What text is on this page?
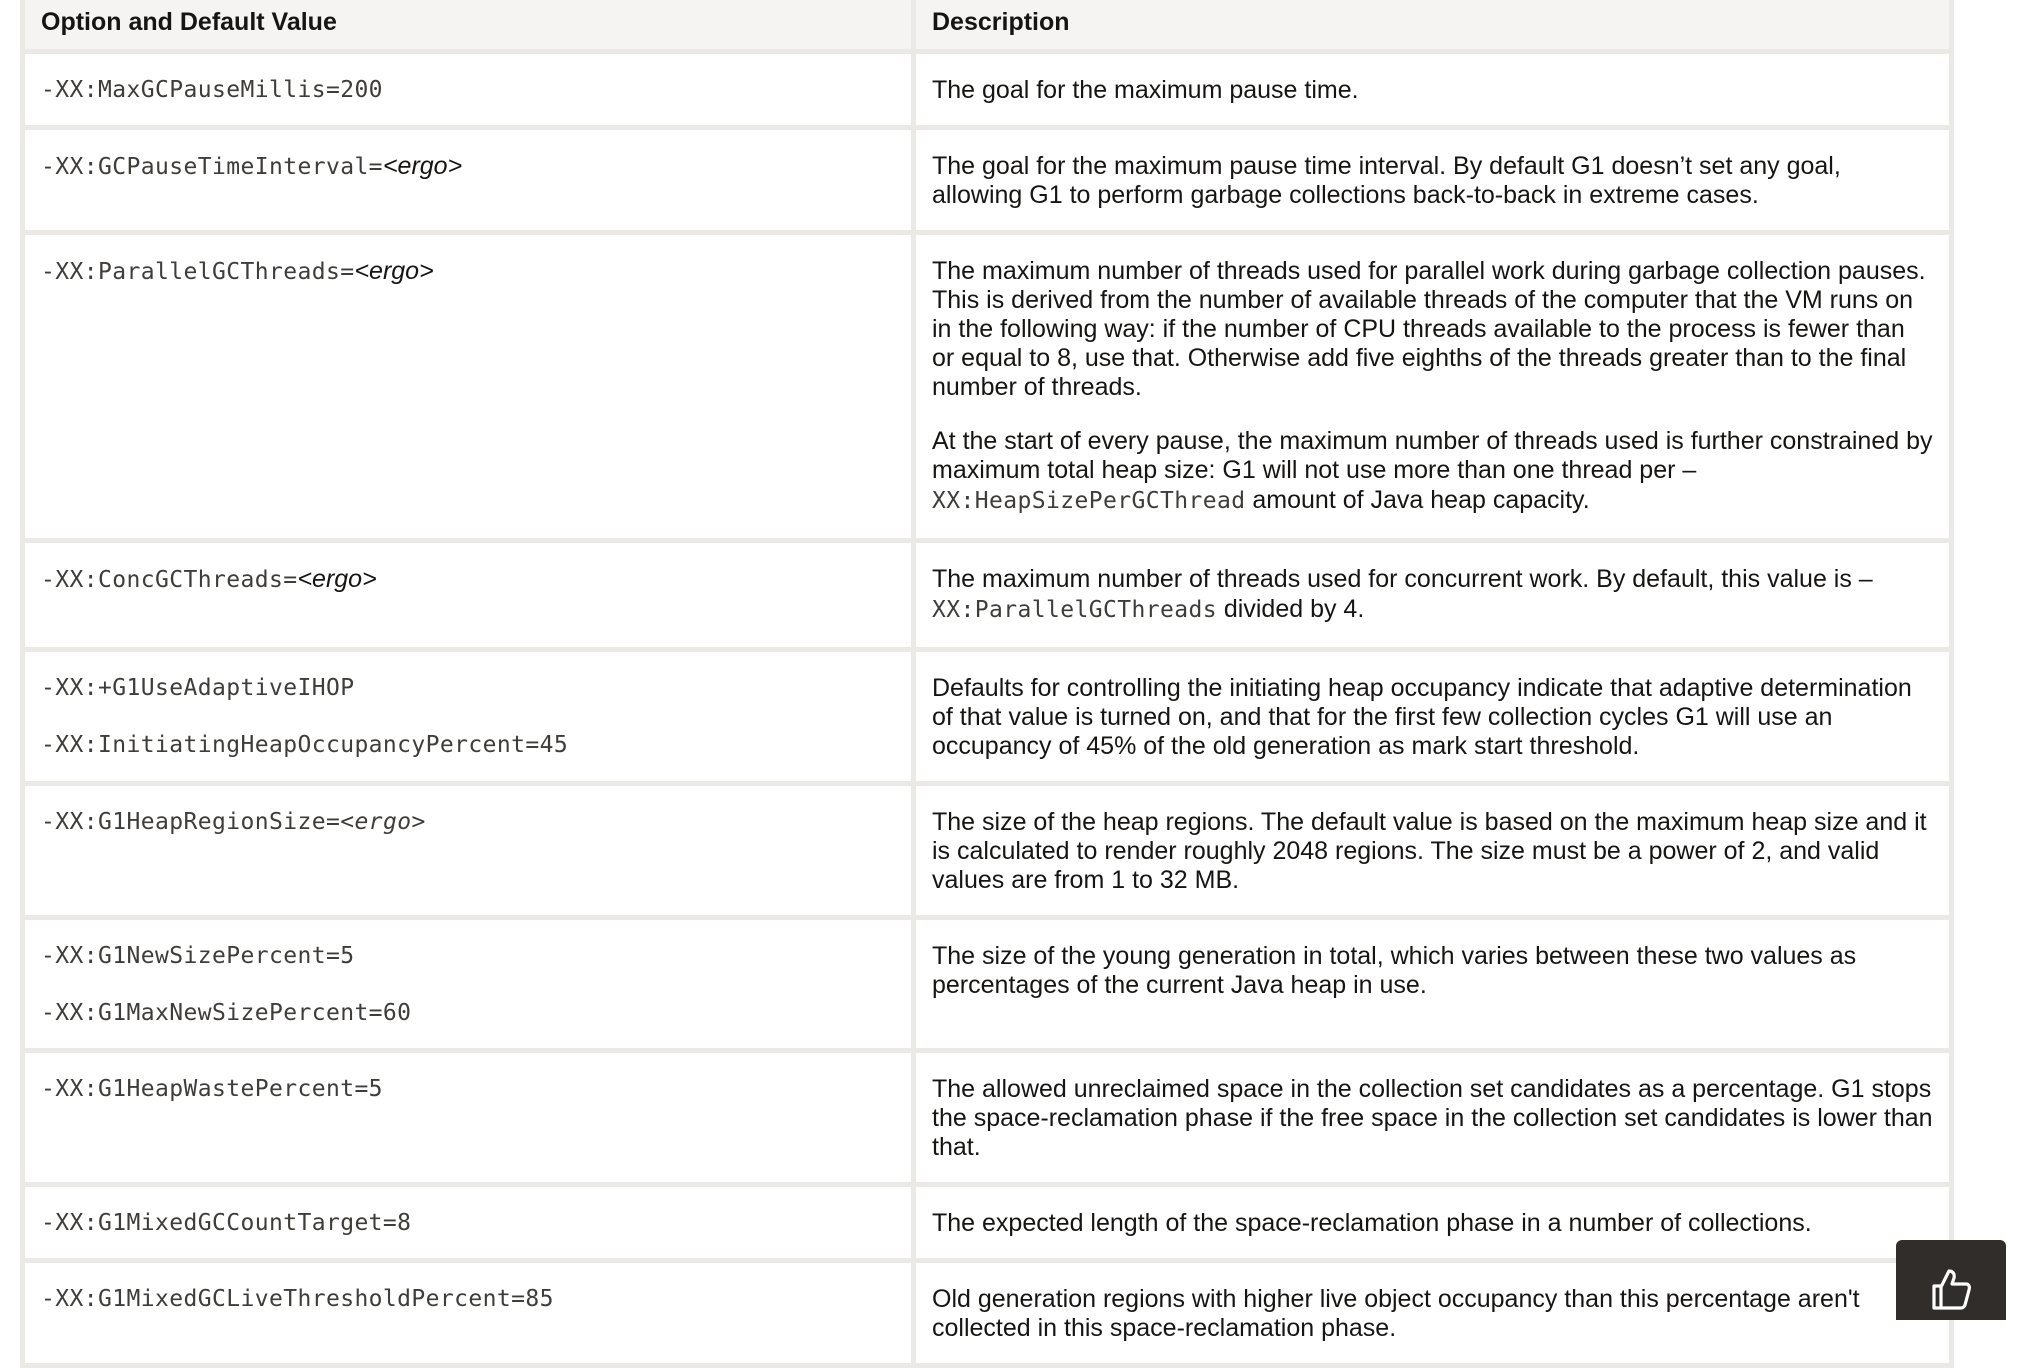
Option and Default Value	Description

-XX:MaxGCPauseMillis=200	The goal for the maximum pause time.

-XX:GCPauseTimeInterval=<ergo>	The goal for the maximum pause time interval. By default G1 doesn’t set any goal, allowing G1 to perform garbage collections back-to-back in extreme cases.

-XX:ParallelGCThreads=<ergo>	The maximum number of threads used for parallel work during garbage collection pauses. This is derived from the number of available threads of the computer that the VM runs on in the following way: if the number of CPU threads available to the process is fewer than or equal to 8, use that. Otherwise add five eighths of the threads greater than to the final number of threads.
At the start of every pause, the maximum number of threads used is further constrained by maximum total heap size: G1 will not use more than one thread per –
XX:HeapSizePerGCThread amount of Java heap capacity.

-XX:ConcGCThreads=<ergo>	The maximum number of threads used for concurrent work. By default, this value is –
XX:ParallelGCThreads divided by 4.

-XX:+G1UseAdaptiveIHOP
-XX:InitiatingHeapOccupancyPercent=45	Defaults for controlling the initiating heap occupancy indicate that adaptive determination of that value is turned on, and that for the first few collection cycles G1 will use an occupancy of 45% of the old generation as mark start threshold.

-XX:G1HeapRegionSize=<ergo>	The size of the heap regions. The default value is based on the maximum heap size and it is calculated to render roughly 2048 regions. The size must be a power of 2, and valid values are from 1 to 32 MB.

-XX:G1NewSizePercent=5
-XX:G1MaxNewSizePercent=60	The size of the young generation in total, which varies between these two values as percentages of the current Java heap in use.

-XX:G1HeapWastePercent=5	The allowed unreclaimed space in the collection set candidates as a percentage. G1 stops the space-reclamation phase if the free space in the collection set candidates is lower than that.

-XX:G1MixedGCCountTarget=8	The expected length of the space-reclamation phase in a number of collections.

-XX:G1MixedGCLiveThresholdPercent=85	Old generation regions with higher live object occupancy than this percentage aren't collected in this space-reclamation phase.
